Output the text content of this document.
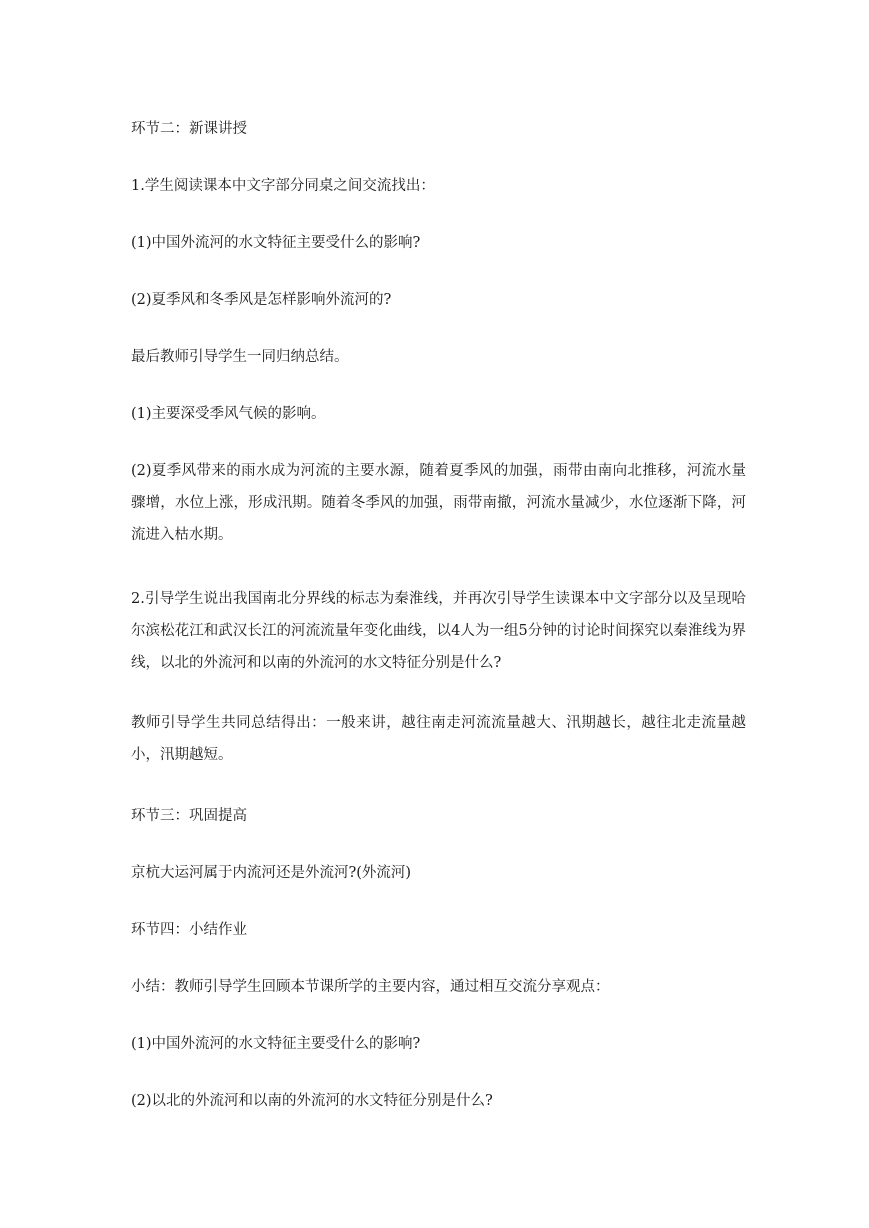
环节二：新课讲授
1.学生阅读课本中文字部分同桌之间交流找出：
(1)中国外流河的水文特征主要受什么的影响?
(2)夏季风和冬季风是怎样影响外流河的?
最后教师引导学生一同归纳总结。
(1)主要深受季风气候的影响。
(2)夏季风带来的雨水成为河流的主要水源，随着夏季风的加强，雨带由南向北推移，河流水量骤增，水位上涨，形成汛期。随着冬季风的加强，雨带南撤，河流水量减少，水位逐渐下降，河流进入枯水期。
2.引导学生说出我国南北分界线的标志为秦淮线，并再次引导学生读课本中文字部分以及呈现哈尔滨松花江和武汉长江的河流流量年变化曲线，以4人为一组5分钟的讨论时间探究以秦淮线为界线，以北的外流河和以南的外流河的水文特征分别是什么?
教师引导学生共同总结得出：一般来讲，越往南走河流流量越大、汛期越长，越往北走流量越小，汛期越短。
环节三：巩固提高
京杭大运河属于内流河还是外流河?(外流河)
环节四：小结作业
小结：教师引导学生回顾本节课所学的主要内容，通过相互交流分享观点：
(1)中国外流河的水文特征主要受什么的影响?
(2)以北的外流河和以南的外流河的水文特征分别是什么?
